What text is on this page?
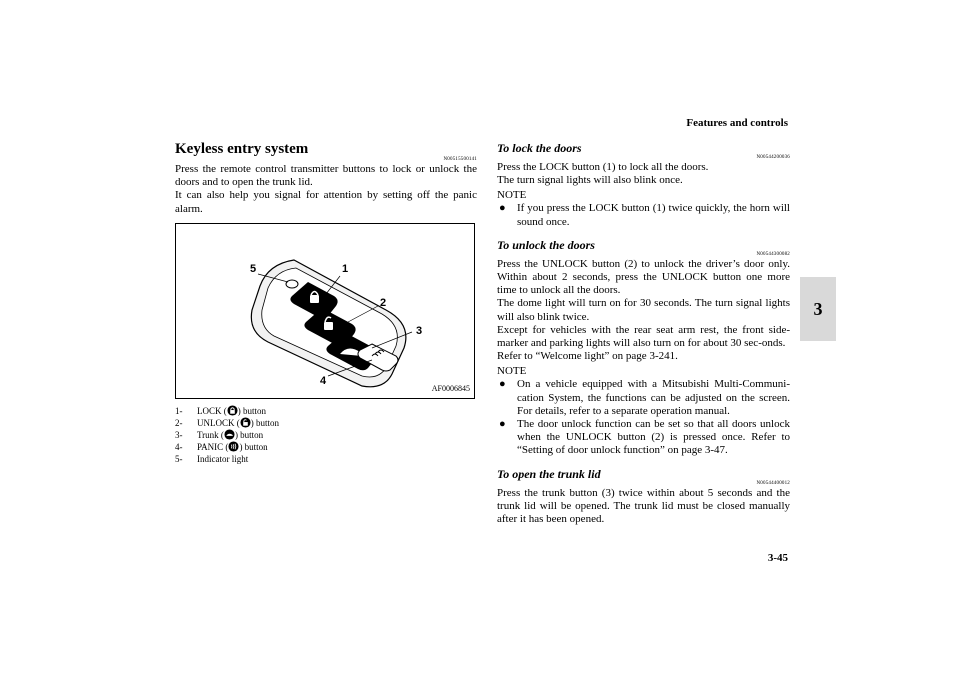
Features and controls
3-45
3
Keyless entry system
N00515500141

Press the remote control transmitter buttons to lock or unlock the doors and to open the trunk lid.

It can also help you signal for attention by setting off the panic alarm.

5	1
2
3
4
AF0006845
1-	LOCK ( ) button
2-	UNLOCK ( ) button
3-	Trunk ( ) button
4-	PANIC ( ) button
5-	Indicator light
To lock the doors
N00544200036

Press the LOCK button (1) to lock all the doors.

The turn signal lights will also blink once.

NOTE
●	If you press the LOCK button (1) twice quickly, the horn will sound once.
To unlock the doors
N00544300082

Press the UNLOCK button (2) to unlock the driver’s door only. Within about 2 seconds, press the UNLOCK button one more time to unlock all the doors.

The dome light will turn on for 30 seconds. The turn signal lights will also blink twice.

Except for vehicles with the rear seat arm rest, the front side-marker and parking lights will also turn on for about 30 sec-onds.

Refer to “Welcome light” on page 3-241.

NOTE
●	On a vehicle equipped with a Mitsubishi Multi-Communi-cation System, the functions can be adjusted on the screen. For details, refer to a separate operation manual.
●	The door unlock function can be set so that all doors unlock when the UNLOCK button (2) is pressed once. Refer to “Setting of door unlock function” on page 3-47.
To open the trunk lid
N00544400012

Press the trunk button (3) twice within about 5 seconds and the trunk lid will be opened. The trunk lid must be closed manually after it has been opened.
